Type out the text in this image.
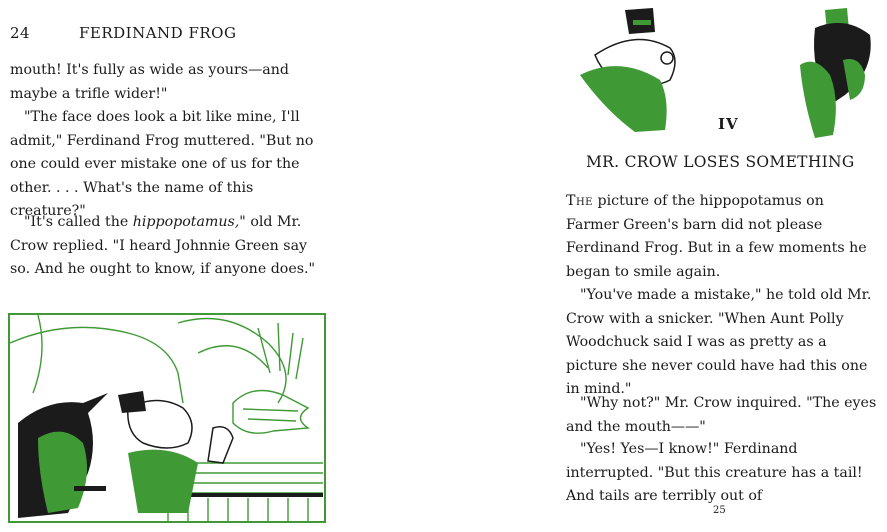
24	FERDINAND FROG

mouth! It's fully as wide as yours—and maybe a trifle wider!"

"The face does look a bit like mine, I'll admit," Ferdinand Frog muttered. "But no one could ever mistake one of us for the other. . . . What's the name of this creature?"

"It's called the hippopotamus," old Mr. Crow replied. "I heard Johnnie Green say so. And he ought to know, if anyone does."

IV
MR. CROW LOSES SOMETHING

The picture of the hippopotamus on Farmer Green's barn did not please Ferdinand Frog. But in a few moments he began to smile again.

"You've made a mistake," he told old Mr. Crow with a snicker. "When Aunt Polly Woodchuck said I was as pretty as a picture she never could have had this one in mind."

"Why not?" Mr. Crow inquired. "The eyes and the mouth——"

"Yes! Yes—I know!" Ferdinand interrupted. "But this creature has a tail! And tails are terribly out of

25
